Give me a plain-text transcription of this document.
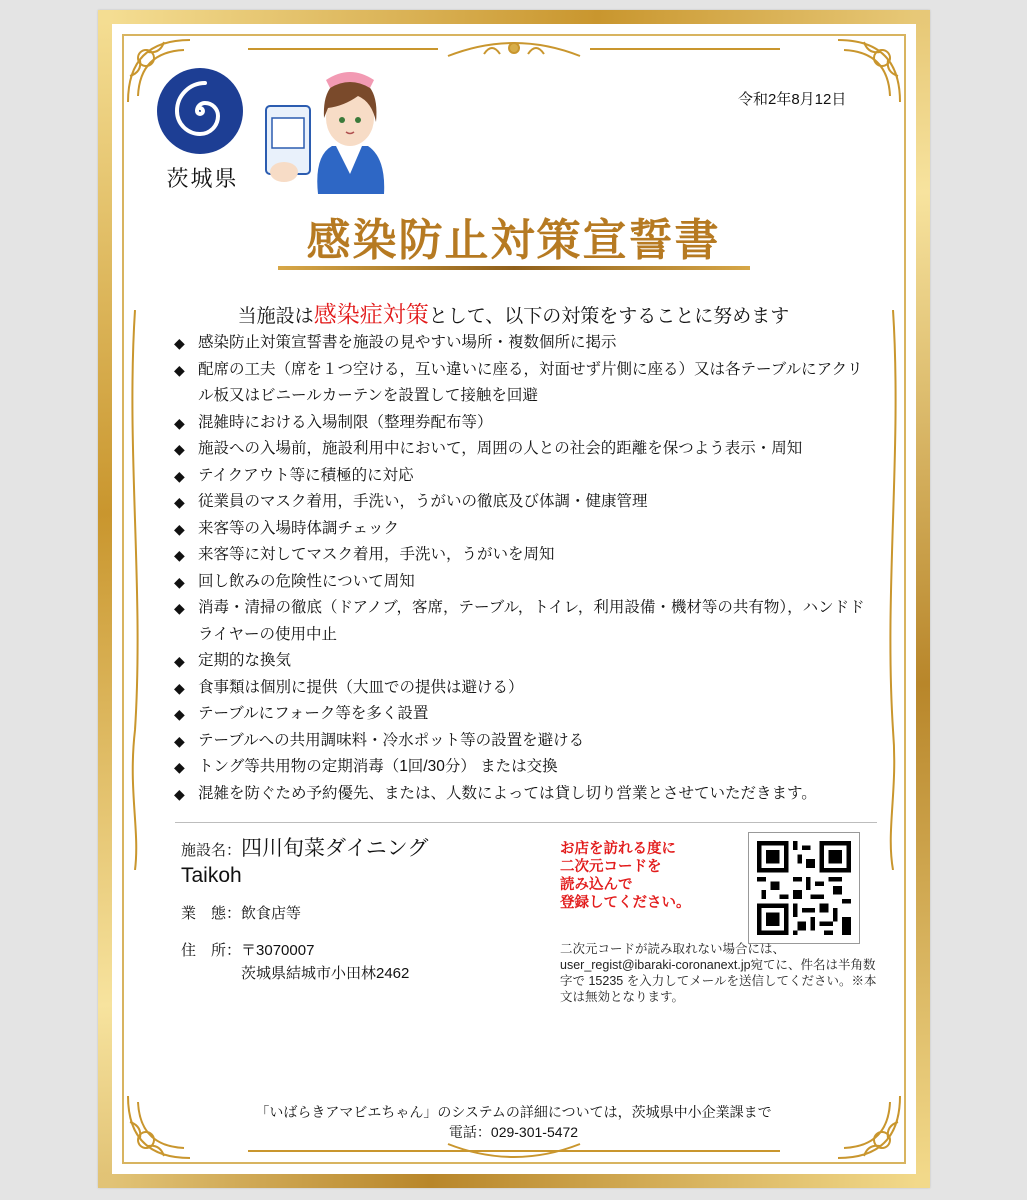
茨城県
令和2年8月12日
感染防止対策宣誓書
当施設は感染症対策として、以下の対策をすることに努めます
◆ 感染防止対策宣誓書を施設の見やすい場所・複数個所に掲示
◆ 配席の工夫（席を１つ空ける，互い違いに座る，対面せず片側に座る）又は各テーブルにアクリル板又はビニールカーテンを設置して接触を回避
◆ 混雑時における入場制限（整理券配布等）
◆ 施設への入場前，施設利用中において，周囲の人との社会的距離を保つよう表示・周知
◆ テイクアウト等に積極的に対応
◆ 従業員のマスク着用，手洗い，うがいの徹底及び体調・健康管理
◆ 来客等の入場時体調チェック
◆ 来客等に対してマスク着用，手洗い，うがいを周知
◆ 回し飲みの危険性について周知
◆ 消毒・清掃の徹底（ドアノブ，客席，テーブル，トイレ，利用設備・機材等の共有物），ハンドドライヤーの使用中止
◆ 定期的な換気
◆ 食事類は個別に提供（大皿での提供は避ける）
◆ テーブルにフォーク等を多く設置
◆ テーブルへの共用調味料・冷水ポット等の設置を避ける
◆ トング等共用物の定期消毒（1回/30分） または交換
◆ 混雑を防ぐため予約優先、または、人数によっては貸し切り営業とさせていただきます。
施設名：四川旬菜ダイニング
Taikoh
業　態：飲食店等
住　所：〒3070007
茨城県結城市小田林2462
お店を訪れる度に
二次元コードを
読み込んで
登録してください。
二次元コードが読み取れない場合には、user_regist@ibaraki-coronanext.jp宛てに、件名は半角数字で 15235 を入力してメールを送信してください。※本文は無効となります。
「いばらきアマビエちゃん」のシステムの詳細については，茨城県中小企業課まで
電話：029-301-5472
